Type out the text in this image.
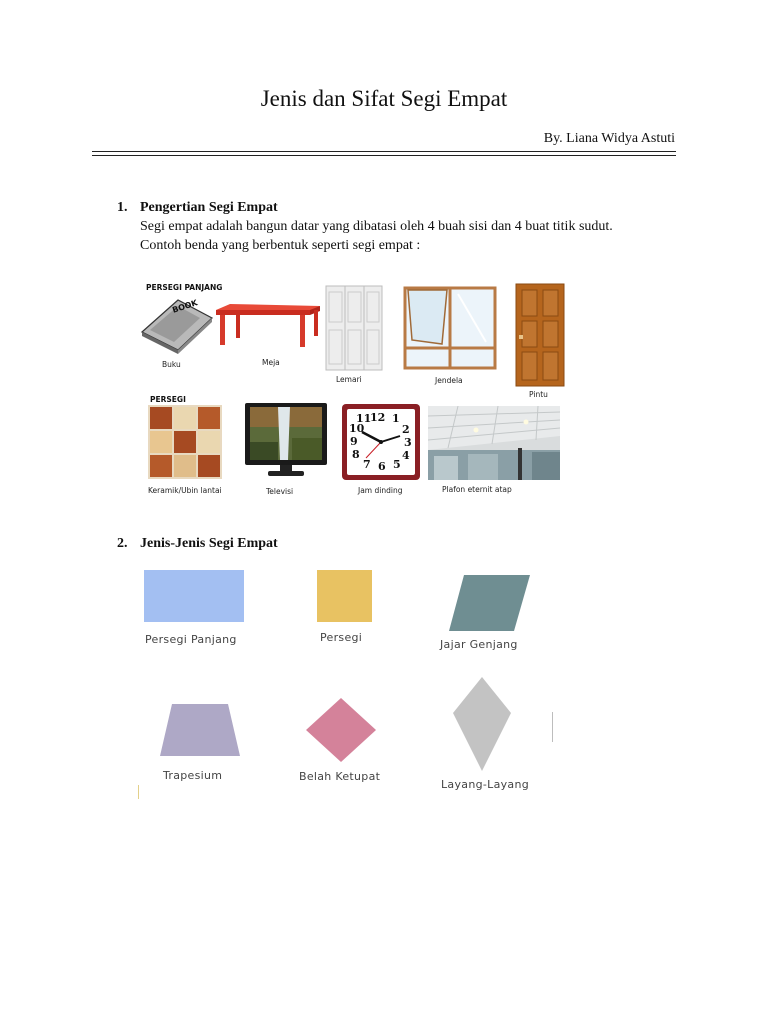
Jenis dan Sifat Segi Empat
By. Liana Widya Astuti
1. Pengertian Segi Empat
Segi empat adalah bangun datar yang dibatasi oleh 4 buah sisi dan 4 buat titik sudut.
Contoh benda yang berbentuk seperti segi empat :
PERSEGI PANJANG
BOOK
Buku	Meja
Lemari	Jendela
Pintu
PERSEGI
Keramik/Ubin lantai	Televisi
12 1
2
3
4
5
6
7
8
9
10
11
Jam dinding	Plafon eternit atap
2. Jenis-Jenis Segi Empat
Persegi Panjang	Persegi
Jajar Genjang
Trapesium	Belah Ketupat
Layang-Layang
